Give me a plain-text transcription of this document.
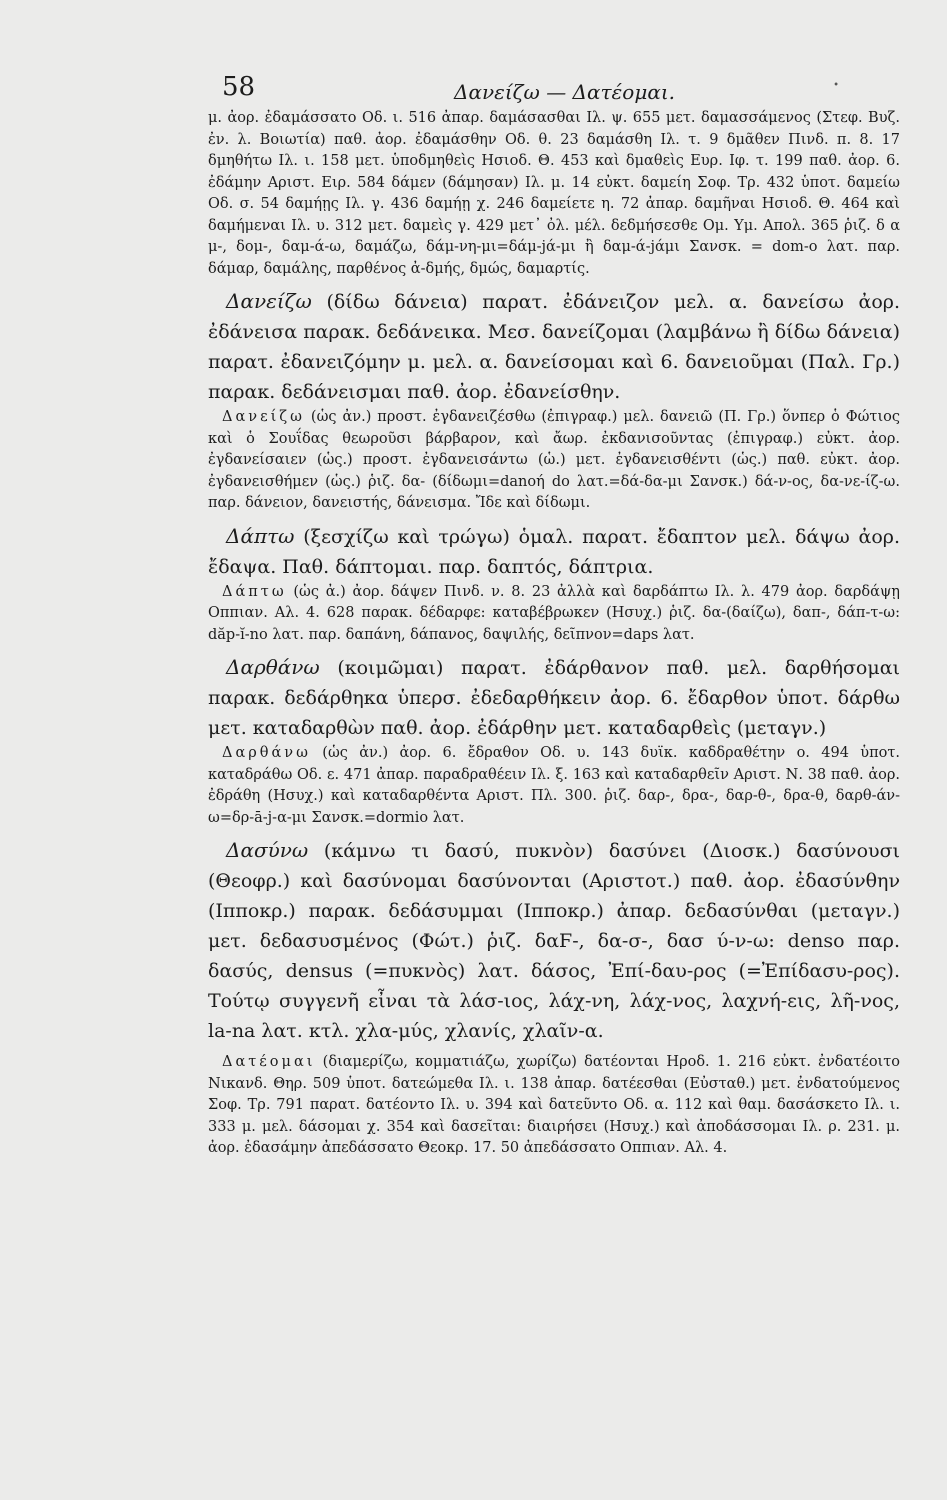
58	Δανείζω — Δατέομαι.	•

μ. ἀορ. ἐδαμάσσατο Οδ. ι. 516 ἀπαρ. δαμάσασθαι Ιλ. ψ. 655 μετ. δαμασσάμενος (Στεφ. Βυζ. ἐν. λ. Βοιωτία) παθ. ἀορ. ἐδαμάσθην Οδ. θ. 23 δαμάσθη Ιλ. τ. 9 δμᾶθεν Πινδ. π. 8. 17 δμηθήτω Ιλ. ι. 158 μετ. ὑποδμηθεὶς Ησιοδ. Θ. 453 καὶ δμαθεὶς Ευρ. Ιφ. τ. 199 παθ. ἀορ. 6. ἐδάμην Αριστ. Ειρ. 584 δάμεν (δάμησαν) Ιλ. μ. 14 εὐκτ. δαμείη Σοφ. Τρ. 432 ὑποτ. δαμείω Οδ. σ. 54 δαμήῃς Ιλ. γ. 436 δαμήῃ χ. 246 δαμείετε η. 72 ἀπαρ. δαμῆναι Ησιοδ. Θ. 464 καὶ δαμήμεναι Ιλ. υ. 312 μετ. δαμεὶς γ. 429 μετ᾽ ὀλ. μέλ. δεδμήσεσθε Ομ. Υμ. Απολ. 365 ῥιζ. δ α μ-, δομ-, δαμ-ά-ω, δαμάζω, δάμ-νη-μι=δάμ-jά-μι ἢ δαμ-ά-jάμι Σανσκ. = dom-o λατ. παρ. δάμαρ, δαμάλης, παρθένος ἀ-δμής, δμώς, δαμαρτίς.

Δανείζω (δίδω δάνεια) παρατ. ἐδάνειζον μελ. α. δανείσω ἀορ. ἐδάνεισα παρακ. δεδάνεικα. Μεσ. δανείζομαι (λαμβάνω ἢ δίδω δάνεια) παρατ. ἐδανειζόμην μ. μελ. α. δανείσομαι καὶ 6. δανειοῦμαι (Παλ. Γρ.) παρακ. δεδάνεισμαι παθ. ἀορ. ἐδανείσθην.

Δανείζω (ὡς ἀν.) προστ. ἐγδανειζέσθω (ἐπιγραφ.) μελ. δανειῶ (Π. Γρ.) ὅνπερ ὁ Φώτιος καὶ ὁ Σουΐδας θεωροῦσι βάρβαρον, καὶ ἄωρ. ἐκδανισοῦντας (ἐπιγραφ.) εὐκτ. ἀορ. ἐγδανείσαιεν (ὡς.) προστ. ἐγδανεισάντω (ὡ.) μετ. ἐγδανεισθέντι (ὡς.) παθ. εὐκτ. ἀορ. ἐγδανεισθήμεν (ὡς.) ῥιζ. δα- (δίδωμι=danoή do λατ.=δά-δα-μι Σανσκ.) δά-ν-ος, δα-νε-ίζ-ω. παρ. δάνειον, δανειστής, δάνεισμα. Ἴδε καὶ δίδωμι.

Δάπτω (ξεσχίζω καὶ τρώγω) ὁμαλ. παρατ. ἔδαπτον μελ. δάψω ἀορ. ἔδαψα. Παθ. δάπτομαι. παρ. δαπτός, δάπτρια.

Δάπτω (ὡς ἀ.) ἀορ. δάψεν Πινδ. ν. 8. 23 ἀλλὰ καὶ δαρδάπτω Ιλ. λ. 479 ἀορ. δαρδάψῃ Οππιαν. Αλ. 4. 628 παρακ. δέδαρφε: καταβέβρωκεν (Ησυχ.) ῥιζ. δα-(δαίζω), δαπ-, δάπ-τ-ω: dăp-ĭ-no λατ. παρ. δαπάνη, δάπανος, δαψιλής, δεῖπνον=daps λατ.

Δαρθάνω (κοιμῶμαι) παρατ. ἐδάρθανον παθ. μελ. δαρθήσομαι παρακ. δεδάρθηκα ὑπερσ. ἐδεδαρθήκειν ἀορ. 6. ἔδαρθον ὑποτ. δάρθω μετ. καταδαρθὼν παθ. ἀορ. ἐδάρθην μετ. καταδαρθεὶς (μεταγν.)

Δαρθάνω (ὡς ἀν.) ἀορ. 6. ἔδραθον Οδ. υ. 143 δυϊκ. καδδραθέτην ο. 494 ὑποτ. καταδράθω Οδ. ε. 471 ἀπαρ. παραδραθέειν Ιλ. ξ. 163 καὶ καταδαρθεῖν Αριστ. Ν. 38 παθ. ἀορ. ἐδράθη (Ησυχ.) καὶ καταδαρθέντα Αριστ. Πλ. 300. ῥιζ. δαρ-, δρα-, δαρ-θ-, δρα-θ, δαρθ-άν-ω=δρ-ā-j-α-μι Σανσκ.=dormio λατ.

Δασύνω (κάμνω τι δασύ, πυκνὸν) δασύνει (Διοσκ.) δασύνουσι (Θεοφρ.) καὶ δασύνομαι δασύνονται (Αριστοτ.) παθ. ἀορ. ἐδασύνθην (Ιπποκρ.) παρακ. δεδάσυμμαι (Ιπποκρ.) ἀπαρ. δεδασύνθαι (μεταγν.) μετ. δεδασυσμένος (Φώτ.) ῥιζ. δαϜ-, δα-σ-, δασ ύ-ν-ω: denso παρ. δασύς, densus (=πυκνὸς) λατ. δάσος, Ἐπί-δαυ-ρος (=Ἐπίδασυ-ρος). Τούτῳ συγγενῆ εἶναι τὰ λάσ-ιος, λάχ-νη, λάχ-νος, λαχνή-εις, λῆ-νος, la-na λατ. κτλ. χλα-μύς, χλανίς, χλαῖν-α.

Δατέομαι (διαμερίζω, κομματιάζω, χωρίζω) δατέονται Ηροδ. 1. 216 εὐκτ. ἐνδατέοιτο Νικανδ. Θηρ. 509 ὑποτ. δατεώμεθα Ιλ. ι. 138 ἀπαρ. δατέεσθαι (Εὐσταθ.) μετ. ἐνδατούμενος Σοφ. Τρ. 791 παρατ. δατέοντο Ιλ. υ. 394 καὶ δατεῦντο Οδ. α. 112 καὶ θαμ. δασάσκετο Ιλ. ι. 333 μ. μελ. δάσομαι χ. 354 καὶ δασεῖται: διαιρήσει (Ησυχ.) καὶ ἀποδάσσομαι Ιλ. ρ. 231. μ. ἀορ. ἐδασάμην ἀπεδάσσατο Θεοκρ. 17. 50 ἀπεδάσσατο Οππιαν. Αλ. 4.
